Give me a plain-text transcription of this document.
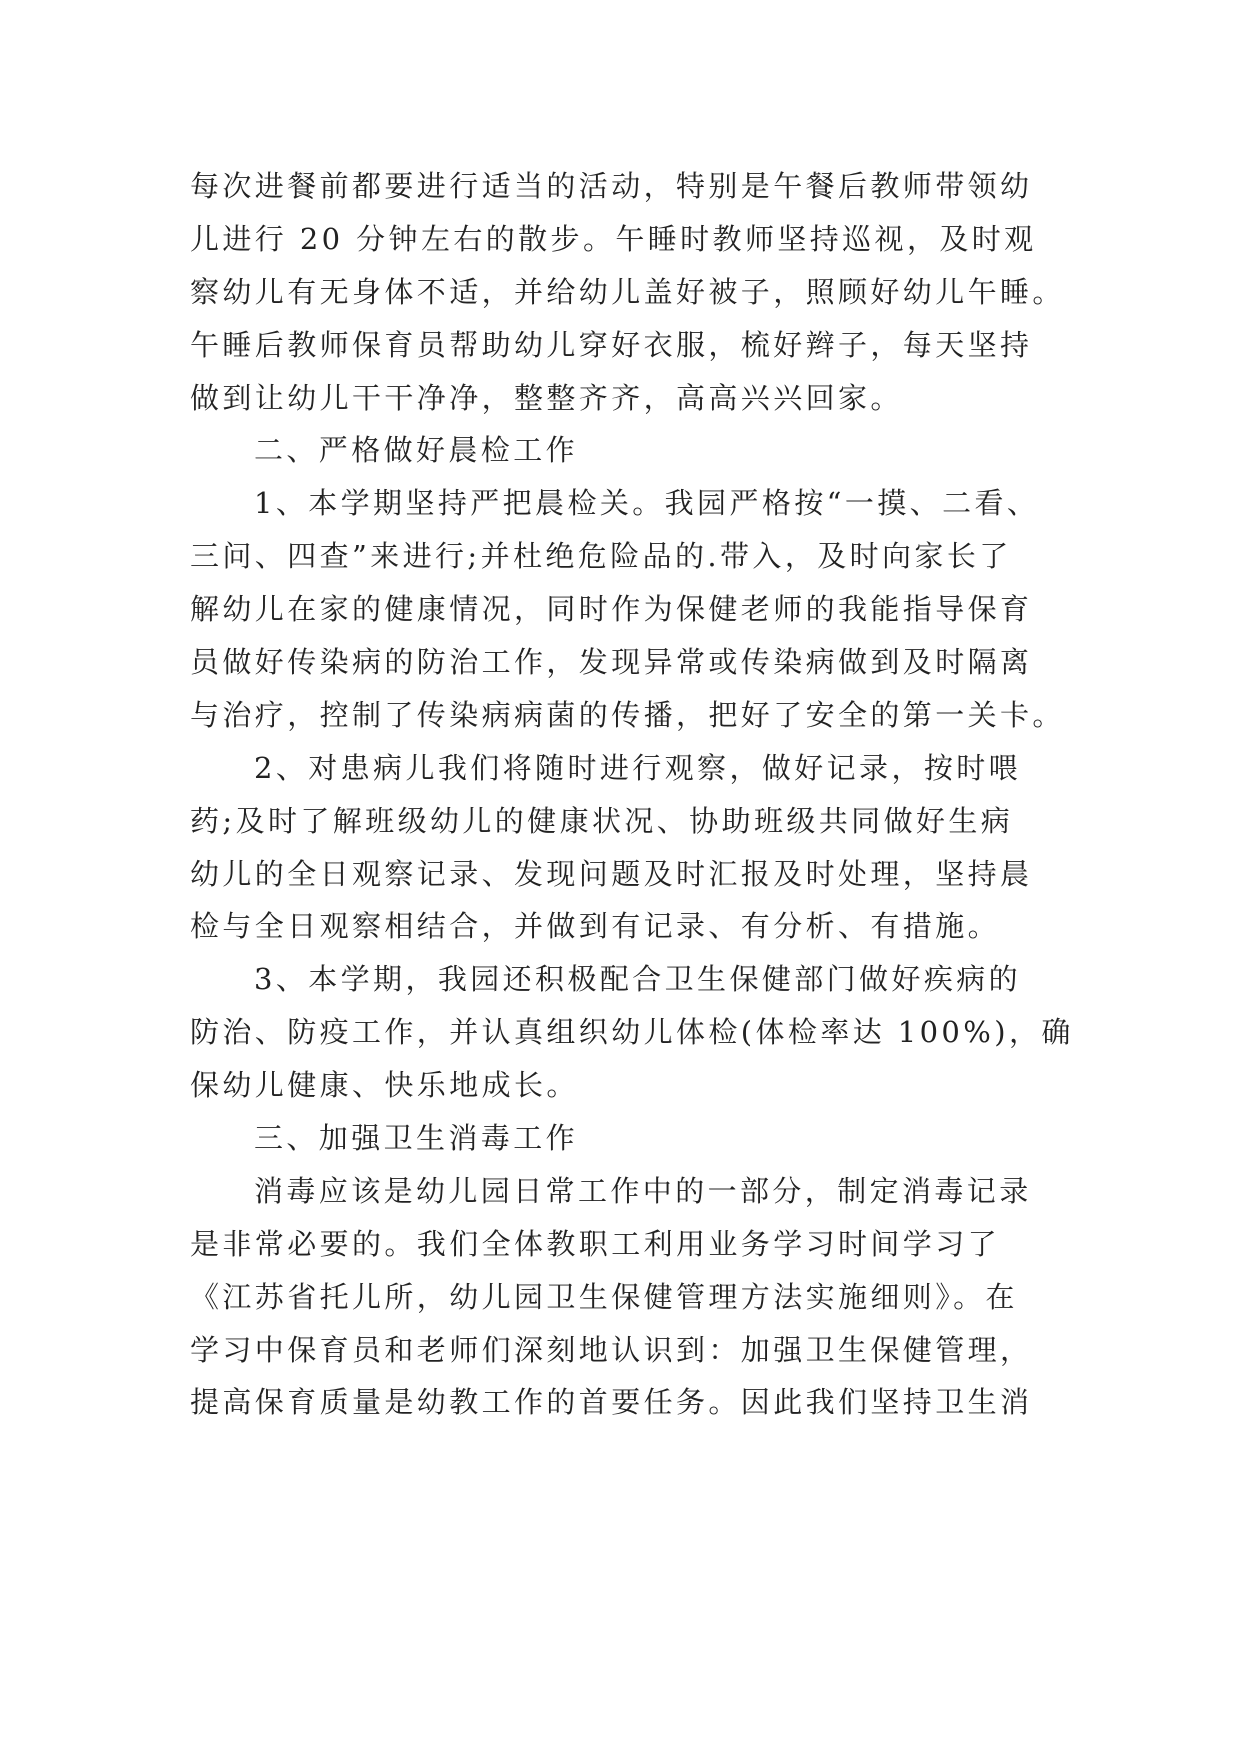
每次进餐前都要进行适当的活动，特别是午餐后教师带领幼
儿进行 20 分钟左右的散步。午睡时教师坚持巡视，及时观
察幼儿有无身体不适，并给幼儿盖好被子，照顾好幼儿午睡。
午睡后教师保育员帮助幼儿穿好衣服，梳好辫子，每天坚持
做到让幼儿干干净净，整整齐齐，高高兴兴回家。
二、严格做好晨检工作
1、本学期坚持严把晨检关。我园严格按“一摸、二看、
三问、四查”来进行;并杜绝危险品的.带入，及时向家长了
解幼儿在家的健康情况，同时作为保健老师的我能指导保育
员做好传染病的防治工作，发现异常或传染病做到及时隔离
与治疗，控制了传染病病菌的传播，把好了安全的第一关卡。
2、对患病儿我们将随时进行观察，做好记录，按时喂
药;及时了解班级幼儿的健康状况、协助班级共同做好生病
幼儿的全日观察记录、发现问题及时汇报及时处理，坚持晨
检与全日观察相结合，并做到有记录、有分析、有措施。
3、本学期，我园还积极配合卫生保健部门做好疾病的
防治、防疫工作，并认真组织幼儿体检(体检率达 100%)，确
保幼儿健康、快乐地成长。
三、加强卫生消毒工作
消毒应该是幼儿园日常工作中的一部分，制定消毒记录
是非常必要的。我们全体教职工利用业务学习时间学习了
《江苏省托儿所，幼儿园卫生保健管理方法实施细则》。在
学习中保育员和老师们深刻地认识到：加强卫生保健管理，
提高保育质量是幼教工作的首要任务。因此我们坚持卫生消
